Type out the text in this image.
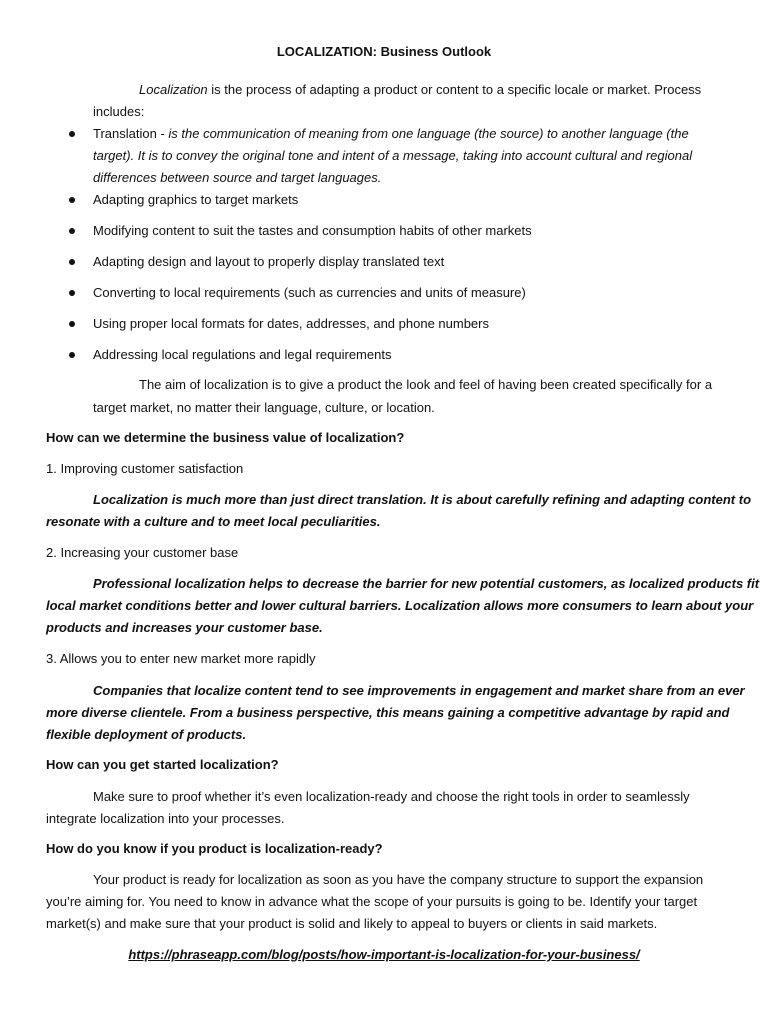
LOCALIZATION: Business Outlook
Localization is the process of adapting a product or content to a specific locale or market. Process
includes:
Translation - is the communication of meaning from one language (the source) to another language (the
target). It is to convey the original tone and intent of a message, taking into account cultural and regional
differences between source and target languages.
Adapting graphics to target markets
Modifying content to suit the tastes and consumption habits of other markets
Adapting design and layout to properly display translated text
Converting to local requirements (such as currencies and units of measure)
Using proper local formats for dates, addresses, and phone numbers
Addressing local regulations and legal requirements
The aim of localization is to give a product the look and feel of having been created specifically for a
target market, no matter their language, culture, or location.
How can we determine the business value of localization?
1. Improving customer satisfaction
Localization is much more than just direct translation. It is about carefully refining and adapting content to
resonate with a culture and to meet local peculiarities.
2. Increasing your customer base
Professional localization helps to decrease the barrier for new potential customers, as localized products fit
local market conditions better and lower cultural barriers. Localization allows more consumers to learn about your
products and increases your customer base.
3. Allows you to enter new market more rapidly
Companies that localize content tend to see improvements in engagement and market share from an ever
more diverse clientele. From a business perspective, this means gaining a competitive advantage by rapid and
flexible deployment of products.
How can you get started localization?
Make sure to proof whether it’s even localization-ready and choose the right tools in order to seamlessly
integrate localization into your processes.
How do you know if you product is localization-ready?
Your product is ready for localization as soon as you have the company structure to support the expansion
you’re aiming for. You need to know in advance what the scope of your pursuits is going to be. Identify your target
market(s) and make sure that your product is solid and likely to appeal to buyers or clients in said markets.
https://phraseapp.com/blog/posts/how-important-is-localization-for-your-business/
